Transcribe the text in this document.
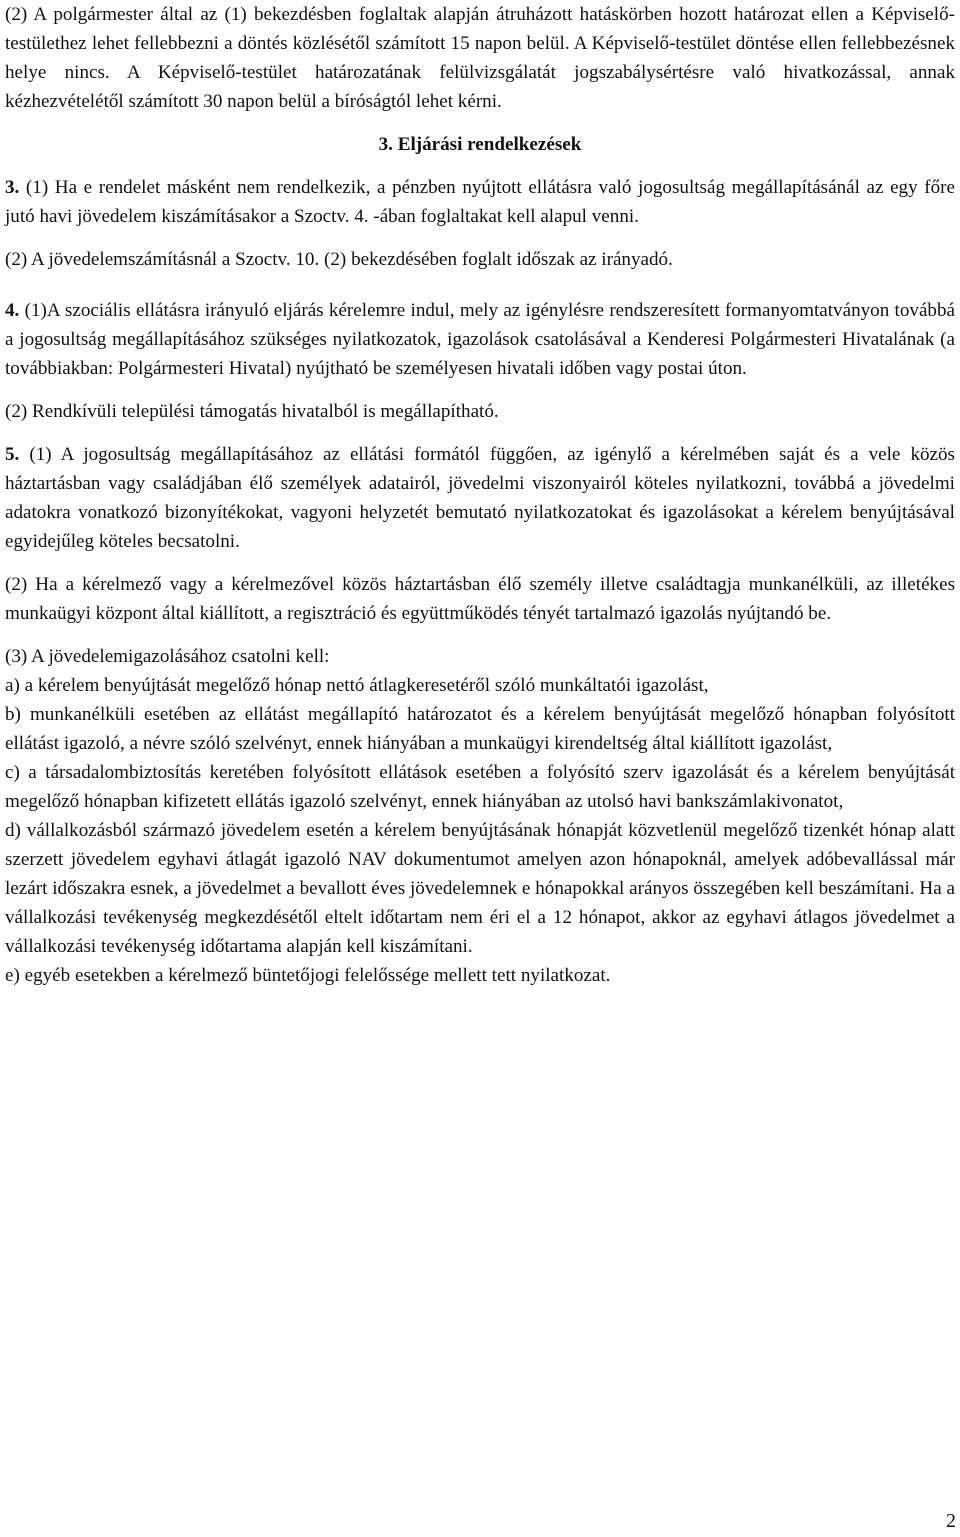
(2) A polgármester által az (1) bekezdésben foglaltak alapján átruházott hatáskörben hozott határozat ellen a Képviselő-testülethez lehet fellebbezni a döntés közlésétől számított 15 napon belül. A Képviselő-testület döntése ellen fellebbezésnek helye nincs. A Képviselő-testület határozatának felülvizsgálatát jogszabálysértésre való hivatkozással, annak kézhezvételétől számított 30 napon belül a bíróságtól lehet kérni.

3. Eljárási rendelkezések

3. (1) Ha e rendelet másként nem rendelkezik, a pénzben nyújtott ellátásra való jogosultság megállapításánál az egy főre jutó havi jövedelem kiszámításakor a Szoctv. 4. -ában foglaltakat kell alapul venni.

(2) A jövedelemszámításnál a Szoctv. 10. (2) bekezdésében foglalt időszak az irányadó.

4. (1)A szociális ellátásra irányuló eljárás kérelemre indul, mely az igénylésre rendszeresített formanyomtatványon továbbá a jogosultság megállapításához szükséges nyilatkozatok, igazolások csatolásával a Kenderesi Polgármesteri Hivatalának (a továbbiakban: Polgármesteri Hivatal) nyújtható be személyesen hivatali időben vagy postai úton.

(2) Rendkívüli települési támogatás hivatalból is megállapítható.

5. (1) A jogosultság megállapításához az ellátási formától függően, az igénylő a kérelmében saját és a vele közös háztartásban vagy családjában élő személyek adatairól, jövedelmi viszonyairól köteles nyilatkozni, továbbá a jövedelmi adatokra vonatkozó bizonyítékokat, vagyoni helyzetét bemutató nyilatkozatokat és igazolásokat a kérelem benyújtásával egyidejűleg köteles becsatolni.

(2) Ha a kérelmező vagy a kérelmezővel közös háztartásban élő személy illetve családtagja munkanélküli, az illetékes munkaügyi központ által kiállított, a regisztráció és együttműködés tényét tartalmazó igazolás nyújtandó be.

(3) A jövedelemigazolásához csatolni kell:

a) a kérelem benyújtását megelőző hónap nettó átlagkeresetéről szóló munkáltatói igazolást,

b) munkanélküli esetében az ellátást megállapító határozatot és a kérelem benyújtását megelőző hónapban folyósított ellátást igazoló, a névre szóló szelvényt, ennek hiányában a munkaügyi kirendeltség által kiállított igazolást,

c) a társadalombiztosítás keretében folyósított ellátások esetében a folyósító szerv igazolását és a kérelem benyújtását megelőző hónapban kifizetett ellátás igazoló szelvényt, ennek hiányában az utolsó havi bankszámlakivonatot,

d) vállalkozásból származó jövedelem esetén a kérelem benyújtásának hónapját közvetlenül megelőző tizenkét hónap alatt szerzett jövedelem egyhavi átlagát igazoló NAV dokumentumot amelyen azon hónapoknál, amelyek adóbevallással már lezárt időszakra esnek, a jövedelmet a bevallott éves jövedelemnek e hónapokkal arányos összegében kell beszámítani. Ha a vállalkozási tevékenység megkezdésétől eltelt időtartam nem éri el a 12 hónapot, akkor az egyhavi átlagos jövedelmet a vállalkozási tevékenység időtartama alapján kell kiszámítani.

e) egyéb esetekben a kérelmező büntetőjogi felelőssége mellett tett nyilatkozat.

2
